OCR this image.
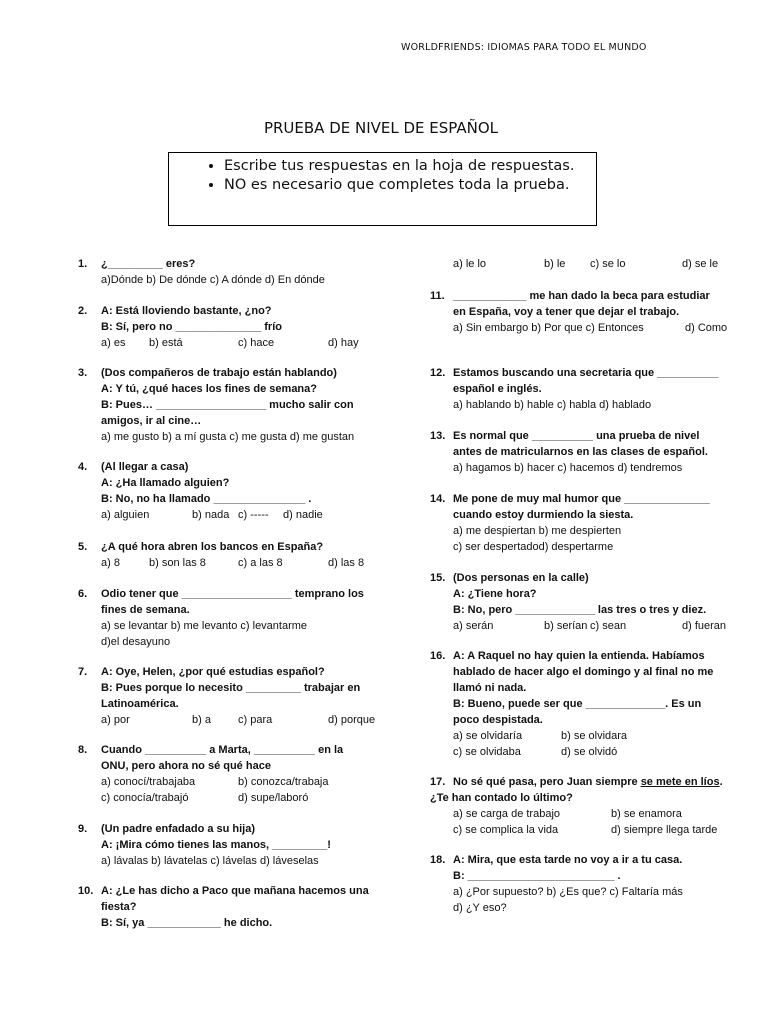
WORLDFRIENDS: IDIOMAS PARA TODO EL MUNDO
PRUEBA DE NIVEL DE ESPAÑOL
• Escribe tus respuestas en la hoja de respuestas.
• NO es necesario que completes toda la prueba.
1. ¿_________ eres?
a)Dónde b) De dónde c) A dónde d) En dónde
2. A: Está lloviendo bastante, ¿no?
B: Sí, pero no ______________ frío
a) es b) está	c) hace	d) hay
3. (Dos compañeros de trabajo están hablando)
A: Y tú, ¿qué haces los fines de semana?
B: Pues… __________________ mucho salir con
amigos, ir al cine…
a) me gusto b) a mí gusta c) me gusta d) me gustan
4. (Al llegar a casa)
A: ¿Ha llamado alguien?
B: No, no ha llamado _______________ .
a) alguien	b) nada c) ----- d) nadie
5. ¿A qué hora abren los bancos en España?
a) 8	b) son las 8	c) a las 8	d) las 8
6. Odio tener que __________________ temprano los
fines de semana.
a) se levantar b) me levanto c) levantarme
d)el desayuno
7. A: Oye, Helen, ¿por qué estudias español?
B: Pues porque lo necesito _________ trabajar en
Latinoamérica.
a) por	b) a c) para	d) porque
8. Cuando __________ a Marta, __________ en la
ONU, pero ahora no sé qué hace
a) conocí/trabajaba	b) conozca/trabaja
c) conocía/trabajó	d) supe/laboró
9. (Un padre enfadado a su hija)
A: ¡Mira cómo tienes las manos, _________!
a) lávalas b) lávatelas c) lávelas d) láveselas
10. A: ¿Le has dicho a Paco que mañana hacemos una
fiesta?
B: Sí, ya ____________ he dicho.
a) le lo	b) le c) se lo	d) se le
11. ____________ me han dado la beca para estudiar
en España, voy a tener que dejar el trabajo.
a) Sin embargo b) Por que c) Entonces	d) Como
12. Estamos buscando una secretaria que __________
español e inglés.
a) hablando b) hable c) habla d) hablado
13. Es normal que __________ una prueba de nivel
antes de matricularnos en las clases de español.
a) hagamos b) hacer c) hacemos d) tendremos
14. Me pone de muy mal humor que ______________
cuando estoy durmiendo la siesta.
a) me despiertan b) me despierten
c) ser despertadod) despertarme
15. (Dos personas en la calle)
A: ¿Tiene hora?
B: No, pero _____________ las tres o tres y diez.
a) serán	b) serían c) sean	d) fueran
16. A: A Raquel no hay quien la entienda. Habíamos
hablado de hacer algo el domingo y al final no me
llamó ni nada.
B: Bueno, puede ser que _____________. Es un
poco despistada.
a) se olvidaría	b) se olvidara
c) se olvidaba	d) se olvidó
17. No sé qué pasa, pero Juan siempre se mete en líos.
¿Te han contado lo último?
a) se carga de trabajo	b) se enamora
c) se complica la vida	d) siempre llega tarde
18. A: Mira, que esta tarde no voy a ir a tu casa.
B: ________________________ .
a) ¿Por supuesto? b) ¿Es que? c) Faltaría más
d) ¿Y eso?
